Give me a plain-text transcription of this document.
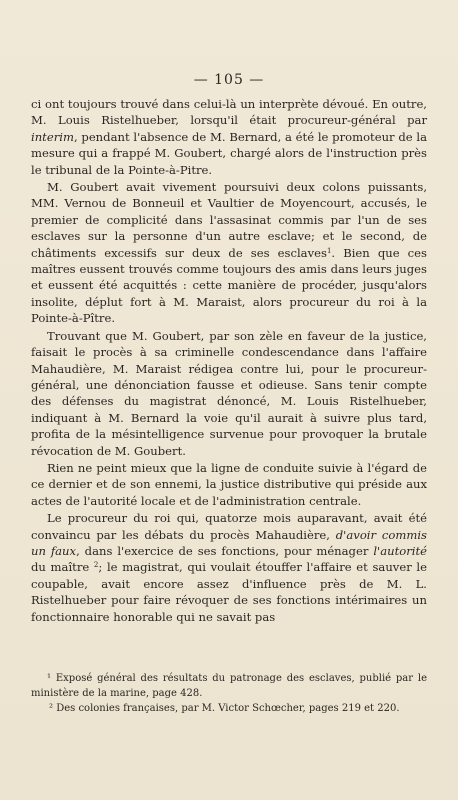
— 105 —

ci ont toujours trouvé dans celui-là un interprète dévoué. En outre, M. Louis Ristelhueber, lorsqu'il était procureur-général par interim, pendant l'absence de M. Bernard, a été le promoteur de la mesure qui a frappé M. Goubert, chargé alors de l'instruction près le tribunal de la Pointe-à-Pitre.

M. Goubert avait vivement poursuivi deux colons puissants, MM. Vernou de Bonneuil et Vaultier de Moyencourt, accusés, le premier de complicité dans l'assasinat commis par l'un de ses esclaves sur la personne d'un autre esclave; et le second, de châtiments excessifs sur deux de ses esclaves$^1$. Bien que ces maîtres eussent trouvés comme toujours des amis dans leurs juges et eussent été acquittés : cette manière de procéder, jusqu'alors insolite, déplut fort à M. Maraist, alors procureur du roi à la Pointe-à-Pître.

Trouvant que M. Goubert, par son zèle en faveur de la justice, faisait le procès à sa criminelle condescendance dans l'affaire Mahaudière, M. Maraist rédigea contre lui, pour le procureur-général, une dénonciation fausse et odieuse. Sans tenir compte des défenses du magistrat dénoncé, M. Louis Ristelhueber, indiquant à M. Bernard la voie qu'il aurait à suivre plus tard, profita de la mésintelligence survenue pour provoquer la brutale révocation de M. Goubert.

Rien ne peint mieux que la ligne de conduite suivie à l'égard de ce dernier et de son ennemi, la justice distributive qui préside aux actes de l'autorité locale et de l'administration centrale.

Le procureur du roi qui, quatorze mois auparavant, avait été convaincu par les débats du procès Mahaudière, d'avoir commis un faux, dans l'exercice de ses fonctions, pour ménager l'autorité du maître $^2$; le magistrat, qui voulait étouffer l'affaire et sauver le coupable, avait encore assez d'influence près de M. L. Ristelhueber pour faire révoquer de ses fonctions intérimaires un fonctionnaire honorable qui ne savait pas

¹ Exposé général des résultats du patronage des esclaves, publié par le ministère de la marine, page 428.

² Des colonies françaises, par M. Victor Schœcher, pages 219 et 220.
